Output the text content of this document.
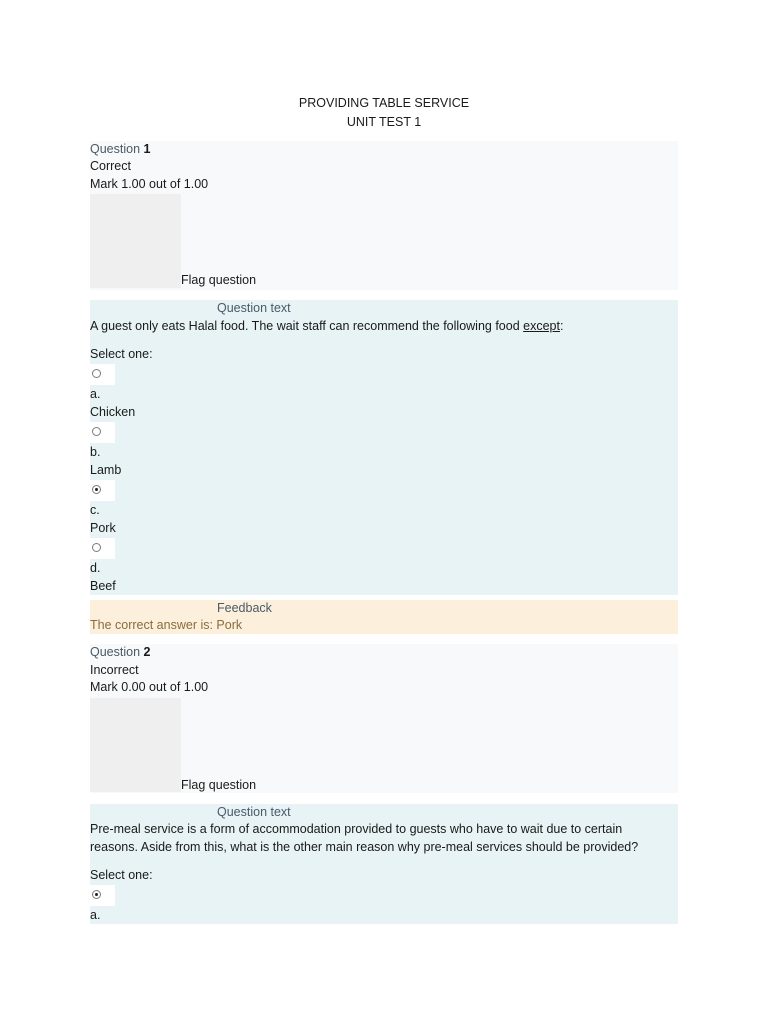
PROVIDING TABLE SERVICE
UNIT TEST 1
Question 1
Correct
Mark 1.00 out of 1.00
Flag question
Question text
A guest only eats Halal food. The wait staff can recommend the following food except:
Select one:
a.
Chicken
b.
Lamb
c.
Pork
d.
Beef
Feedback
The correct answer is: Pork
Question 2
Incorrect
Mark 0.00 out of 1.00
Flag question
Question text
Pre-meal service is a form of accommodation provided to guests who have to wait due to certain
reasons. Aside from this, what is the other main reason why pre-meal services should be provided?
Select one:
a.
